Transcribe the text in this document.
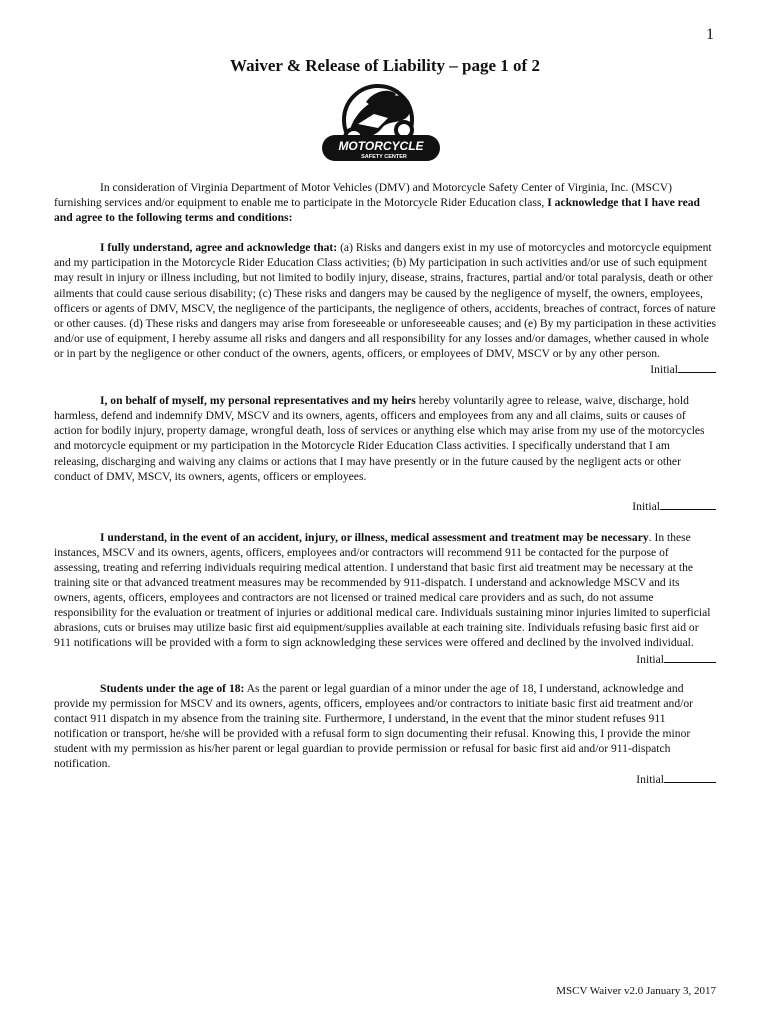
1
Waiver & Release of Liability – page 1 of 2
MOTORCYCLE
SAFETY CENTER

In consideration of Virginia Department of Motor Vehicles (DMV) and Motorcycle Safety Center of Virginia, Inc. (MSCV) furnishing services and/or equipment to enable me to participate in the Motorcycle Rider Education class, I acknowledge that I have read and agree to the following terms and conditions:

I fully understand, agree and acknowledge that: (a) Risks and dangers exist in my use of motorcycles and motorcycle equipment and my participation in the Motorcycle Rider Education Class activities; (b) My participation in such activities and/or use of such equipment may result in injury or illness including, but not limited to bodily injury, disease, strains, fractures, partial and/or total paralysis, death or other ailments that could cause serious disability; (c) These risks and dangers may be caused by the negligence of myself, the owners, employees, officers or agents of DMV, MSCV, the negligence of the participants, the negligence of others, accidents, breaches of contract, forces of nature or other causes. (d) These risks and dangers may arise from foreseeable or unforeseeable causes; and (e) By my participation in these activities and/or use of equipment, I hereby assume all risks and dangers and all responsibility for any losses and/or damages, whether caused in whole or in part by the negligence or other conduct of the owners, agents, officers, or employees of DMV, MSCV or by any other person.

Initial

I, on behalf of myself, my personal representatives and my heirs hereby voluntarily agree to release, waive, discharge, hold harmless, defend and indemnify DMV, MSCV and its owners, agents, officers and employees from any and all claims, suits or causes of action for bodily injury, property damage, wrongful death, loss of services or anything else which may arise from my use of the motorcycles and motorcycle equipment or my participation in the Motorcycle Rider Education Class activities. I specifically understand that I am releasing, discharging and waiving any claims or actions that I may have presently or in the future caused by the negligent acts or other conduct of DMV, MSCV, its owners, agents, officers or employees.

Initial

I understand, in the event of an accident, injury, or illness, medical assessment and treatment may be necessary. In these instances, MSCV and its owners, agents, officers, employees and/or contractors will recommend 911 be contacted for the purpose of assessing, treating and referring individuals requiring medical attention. I understand that basic first aid treatment may be necessary at the training site or that advanced treatment measures may be recommended by 911-dispatch. I understand and acknowledge MSCV and its owners, agents, officers, employees and contractors are not licensed or trained medical care providers and as such, do not assume responsibility for the evaluation or treatment of injuries or additional medical care. Individuals sustaining minor injuries limited to superficial abrasions, cuts or bruises may utilize basic first aid equipment/supplies available at each training site. Individuals refusing basic first aid or 911 notifications will be provided with a form to sign acknowledging these services were offered and declined by the involved individual.

Initial

Students under the age of 18: As the parent or legal guardian of a minor under the age of 18, I understand, acknowledge and provide my permission for MSCV and its owners, agents, officers, employees and/or contractors to initiate basic first aid treatment and/or contact 911 dispatch in my absence from the training site. Furthermore, I understand, in the event that the minor student refuses 911 notification or transport, he/she will be provided with a refusal form to sign documenting their refusal. Knowing this, I provide the minor student with my permission as his/her parent or legal guardian to provide permission or refusal for basic first aid and/or 911-dispatch notification.

Initial

MSCV Waiver v2.0 January 3, 2017
